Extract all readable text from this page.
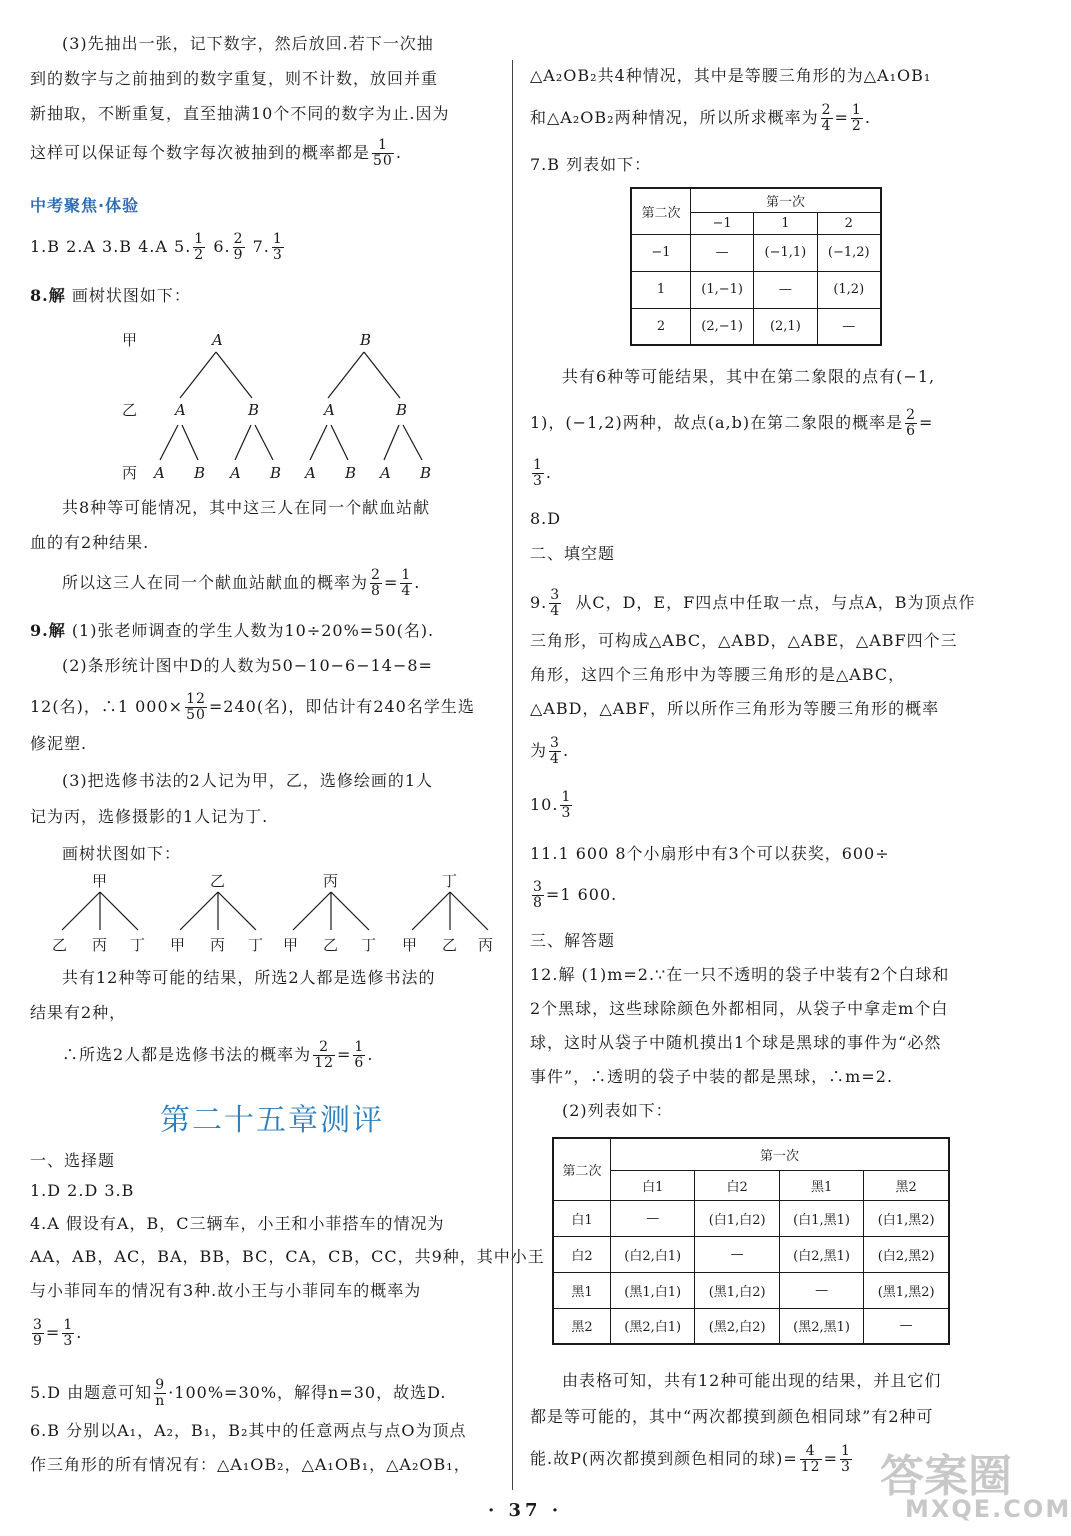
(3)先抽出一张，记下数字，然后放回.若下一次抽
到的数字与之前抽到的数字重复，则不计数，放回并重
新抽取，不断重复，直至抽满10个不同的数字为止.因为
这样可以保证每个数字每次被抽到的概率都是 $\frac{1}{50}$ .
中考聚焦·体验
1.B 2.A 3.B 4.A 5. $\frac{1}{2} 6$. $\frac{2}{9} 7$. $\frac{1}{3}$
8.解 画树状图如下：
甲
乙
丙
A	B
A	B	A	B
A B A B A B A B
共8种等可能情况，其中这三人在同一个献血站献
血的有2种结果.
所以这三人在同一个献血站献血的概率为 $\frac{2}{8} = \frac{1}{4}$ .
9.解 (1)张老师调查的学生人数为10÷20%=50(名).
(2)条形统计图中D的人数为50−10−6−14−8=
12(名)，∴1 $000\times \frac{12}{50} =240$(名)，即估计有240名学生选
修泥塑.
(3)把选修书法的2人记为甲，乙，选修绘画的1人
记为丙，选修摄影的1人记为丁.
画树状图如下：
甲	乙	丙	丁
乙 丙 丁 甲 丙 丁 甲 乙 丁 甲 乙 丙
共有12种等可能的结果，所选2人都是选修书法的
结果有2种，
∴所选2人都是选修书法的概率为 $\frac{2}{12} = \frac{1}{6}$ .
一、选择题
1.D 2.D 3.B
4.A 假设有A，B，C三辆车，小王和小菲搭车的情况为
AA，AB，AC，BA，BB，BC，CA，CB，CC，共9种，其中小王
与小菲同车的情况有3种.故小王与小菲同车的概率为
$\frac{3}{9} = \frac{1}{3}$ .
5.D 由题意可知 $\frac{9}{n} \cdot 100\%=30\%$，解得n=30，故选D.
6.B 分别以A₁，A₂，B₁，B₂其中的任意两点与点O为顶点
作三角形的所有情况有：△A₁OB₂，△A₁OB₁，△A₂OB₁，
第二十五章测评
△A₂OB₂共4种情况，其中是等腰三角形的为△A₁OB₁
和△A₂OB₂两种情况，所以所求概率为 $\frac{2}{4} = \frac{1}{2}$ .
7.B 列表如下：
第二次	第一次		
	−1	1	2
−1	—	(−1,1)	(−1,2)
1	(1,−1)	—	(1,2)
2	(2,−1)	(2,1)	—
共有6种等可能结果，其中在第二象限的点有(−1,
1)，(−1,2)两种，故点(a,b)在第二象限的概率是 $\frac{2}{6}$ =
$\frac{1}{3}$ .
8.D
二、填空题
9. $\frac{3}{4}$ 从C，D，E，F四点中任取一点，与点A，B为顶点作
三角形，可构成△ABC，△ABD，△ABE，△ABF四个三
角形，这四个三角形中为等腰三角形的是△ABC，
△ABD，△ABF，所以所作三角形为等腰三角形的概率
为 $\frac{3}{4}$ .
10. $\frac{1}{3}$
11.1 600 8个小扇形中有3个可以获奖，600÷
$\frac{3}{8} =1$ 600.
三、解答题
12.解 (1)m=2.∵在一只不透明的袋子中装有2个白球和
2个黑球，这些球除颜色外都相同，从袋子中拿走m个白
球，这时从袋子中随机摸出1个球是黑球的事件为“必然
事件”，∴透明的袋子中装的都是黑球，∴m=2.
(2)列表如下：
第二次	第一次			
	白1	白2	黑1	黑2
白1	—	(白1,白2)	(白1,黑1)	(白1,黑2)
白2	(白2,白1)	—	(白2,黑1)	(白2,黑2)
黑1	(黑1,白1)	(黑1,白2)	—	(黑1,黑2)
黑2	(黑2,白1)	(黑2,白2)	(黑2,黑1)	—
由表格可知，共有12种可能出现的结果，并且它们
都是等可能的，其中“两次都摸到颜色相同球”有2种可
能.故P(两次都摸到颜色相同的球)= $\frac{4}{12} = \frac{1}{3}$
· 37 ·
答案圈
MXQE.COM
